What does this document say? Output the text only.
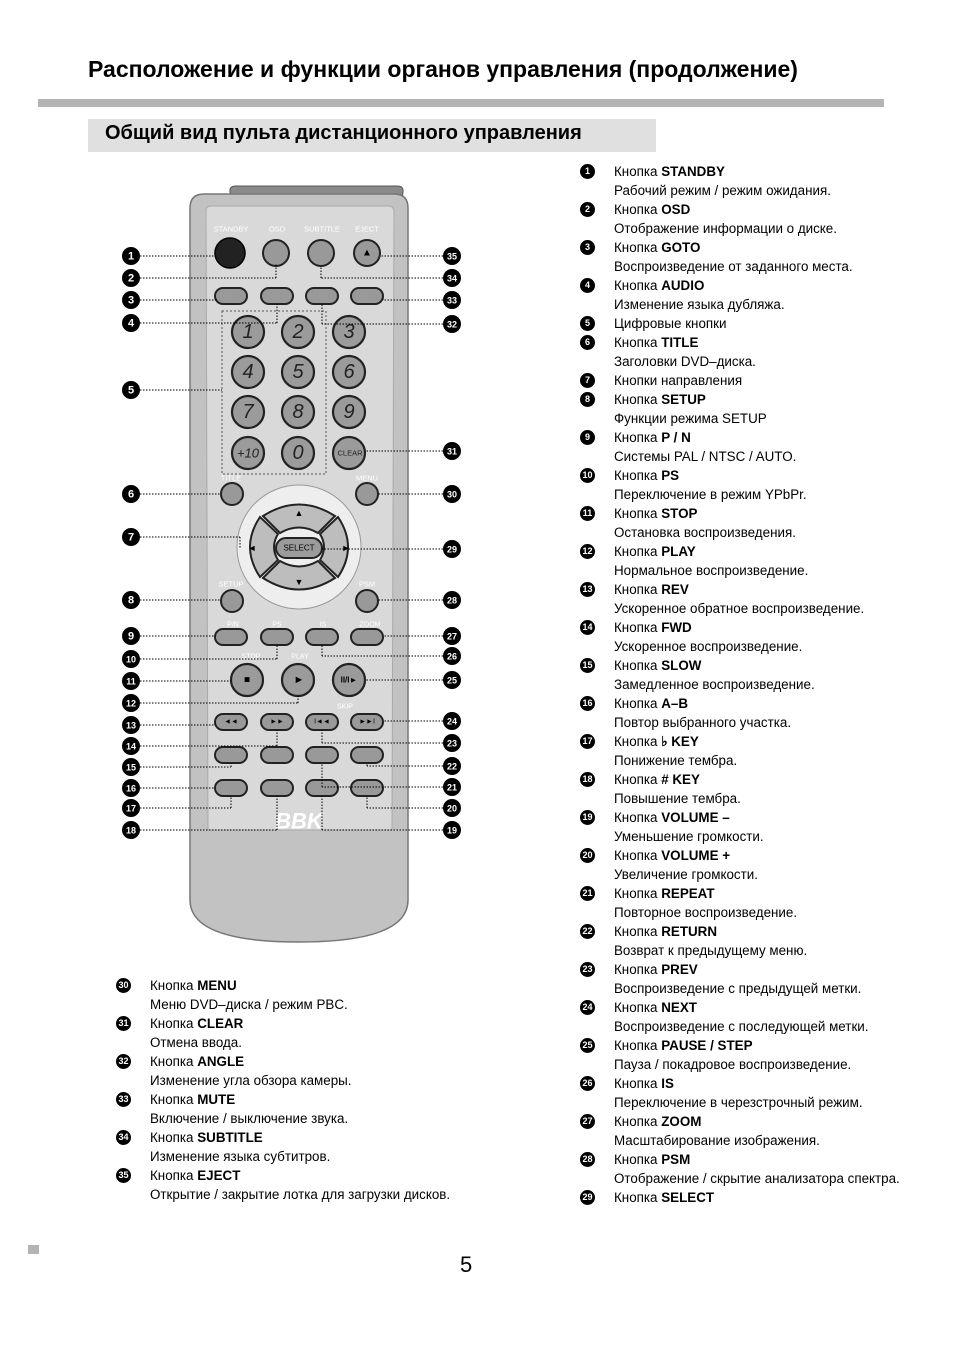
Расположение и функции органов управления (продолжение)
Общий вид пульта дистанционного управления
STANDBY	OSD	SUBTITLE EJECT
▲
1 2 3
4 5 6
7 8 9
+10 0	CLEAR
TITLE	MENU
▲
▼
◄	►
SELECT
SETUP	PSM
P/N	PS	IS	ZOOM
STOP	PLAY
■	►	II/I►
SKIP
◄◄	►►	I◄◄	►►I
BBK
1
2
3
4
5
6
7
8
9
10
11
12
13
14
15
16
17
18
35
34
33
32
31
30
29
28
27
26
25
24
23
22
21
20
19
1	Кнопка STANDBY
Рабочий режим / режим ожидания.
2	Кнопка OSD
Отображение информации о диске.
3	Кнопка GOTO
Воспроизведение от заданного места.
4	Кнопка AUDIO
Изменение языка дубляжа.
5	Цифровые кнопки
6	Кнопка TITLE
Заголовки DVD–диска.
7	Кнопки направления
8	Кнопка SETUP
Функции режима SETUP
9	Кнопка P / N
Системы PAL / NTSC / AUTO.
10 Кнопка PS
Переключение в режим YPbPr.
11 Кнопка STOP
Остановка воспроизведения.
12 Кнопка PLAY
Нормальное воспроизведение.
13 Кнопка REV
Ускоренное обратное воспроизведение.
14 Кнопка FWD
Ускоренное воспроизведение.
15 Кнопка SLOW
Замедленное воспроизведение.
16 Кнопка A–B
Повтор выбранного участка.
17 Кнопка ♭ KEY
Понижение тембра.
18 Кнопка # KEY
Повышение тембра.
19 Кнопка VOLUME –
Уменьшение громкости.
20 Кнопка VOLUME +
Увеличение громкости.
21 Кнопка REPEAT
Повторное воспроизведение.
22 Кнопка RETURN
Возврат к предыдущему меню.
23 Кнопка PREV
Воспроизведение с предыдущей метки.
24 Кнопка NEXT
Воспроизведение с последующей метки.
25 Кнопка PAUSE / STEP
Пауза / покадровое воспроизведение.
26 Кнопка IS
Переключение в черезстрочный режим.
27 Кнопка ZOOM
Масштабирование изображения.
28 Кнопка PSM
Отображение / скрытие анализатора спектра.
29 Кнопка SELECT
30 Кнопка MENU
Меню DVD–диска / режим PBC.
31 Кнопка CLEAR
Отмена ввода.
32 Кнопка ANGLE
Изменение угла обзора камеры.
33 Кнопка MUTE
Включение / выключение звука.
34 Кнопка SUBTITLE
Изменение языка субтитров.
35 Кнопка EJECT
Открытие / закрытие лотка для загрузки дисков.
5
